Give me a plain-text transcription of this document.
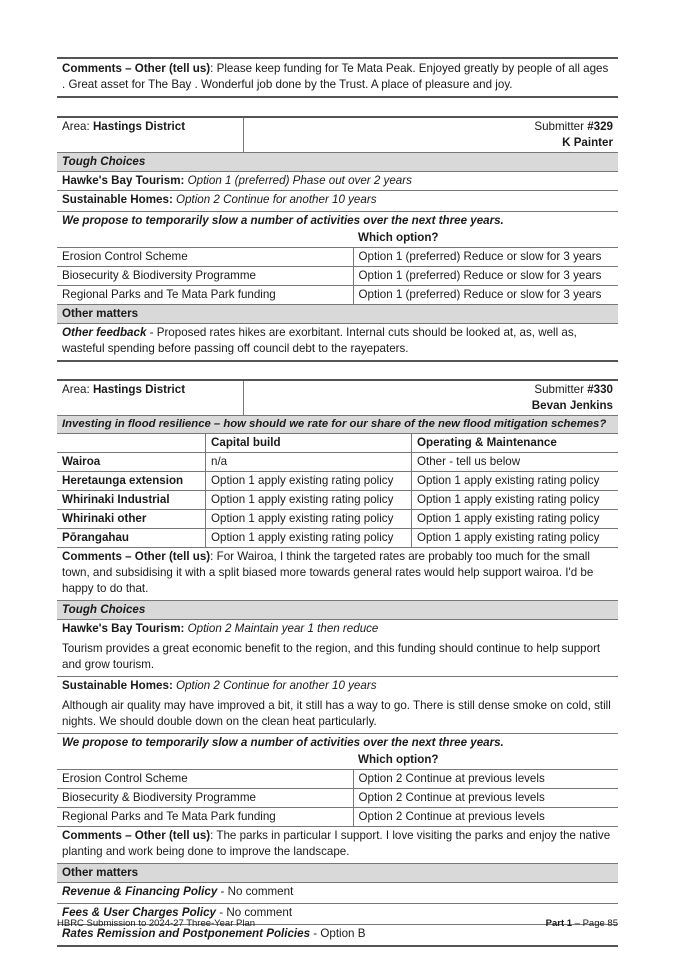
Comments – Other (tell us): Please keep funding for Te Mata Peak. Enjoyed greatly by people of all ages . Great asset for The Bay . Wonderful job done by the Trust. A place of pleasure and joy.
Area: Hastings District	Submitter #329
K Painter
Tough Choices
Hawke's Bay Tourism: Option 1 (preferred) Phase out over 2 years
Sustainable Homes: Option 2 Continue for another 10 years
We propose to temporarily slow a number of activities over the next three years.
	Which option?
Erosion Control Scheme	Option 1 (preferred) Reduce or slow for 3 years
Biosecurity & Biodiversity Programme	Option 1 (preferred) Reduce or slow for 3 years
Regional Parks and Te Mata Park funding	Option 1 (preferred) Reduce or slow for 3 years
Other matters
Other feedback - Proposed rates hikes are exorbitant. Internal cuts should be looked at, as, well as, wasteful spending before passing off council debt to the rayepaters.
Area: Hastings District	Submitter #330
Bevan Jenkins
Investing in flood resilience – how should we rate for our share of the new flood mitigation schemes?
	Capital build	Operating & Maintenance
Wairoa	n/a	Other - tell us below
Heretaunga extension	Option 1 apply existing rating policy	Option 1 apply existing rating policy
Whirinaki Industrial	Option 1 apply existing rating policy	Option 1 apply existing rating policy
Whirinaki other	Option 1 apply existing rating policy	Option 1 apply existing rating policy
Pōrangahau	Option 1 apply existing rating policy	Option 1 apply existing rating policy
Comments – Other (tell us): For Wairoa, I think the targeted rates are probably too much for the small town, and subsidising it with a split biased more towards general rates would help support wairoa. I'd be happy to do that.
Tough Choices
Hawke's Bay Tourism: Option 2 Maintain year 1 then reduce
Tourism provides a great economic benefit to the region, and this funding should continue to help support and grow tourism.
Sustainable Homes: Option 2 Continue for another 10 years
Although air quality may have improved a bit, it still has a way to go. There is still dense smoke on cold, still nights. We should double down on the clean heat particularly.
We propose to temporarily slow a number of activities over the next three years.
	Which option?
Erosion Control Scheme	Option 2 Continue at previous levels
Biosecurity & Biodiversity Programme	Option 2 Continue at previous levels
Regional Parks and Te Mata Park funding	Option 2 Continue at previous levels
Comments – Other (tell us): The parks in particular I support. I love visiting the parks and enjoy the native planting and work being done to improve the landscape.
Other matters
Revenue & Financing Policy - No comment
Fees & User Charges Policy - No comment
Rates Remission and Postponement Policies - Option B
HBRC Submission to 2024-27 Three-Year Plan	Part 1 – Page 85
